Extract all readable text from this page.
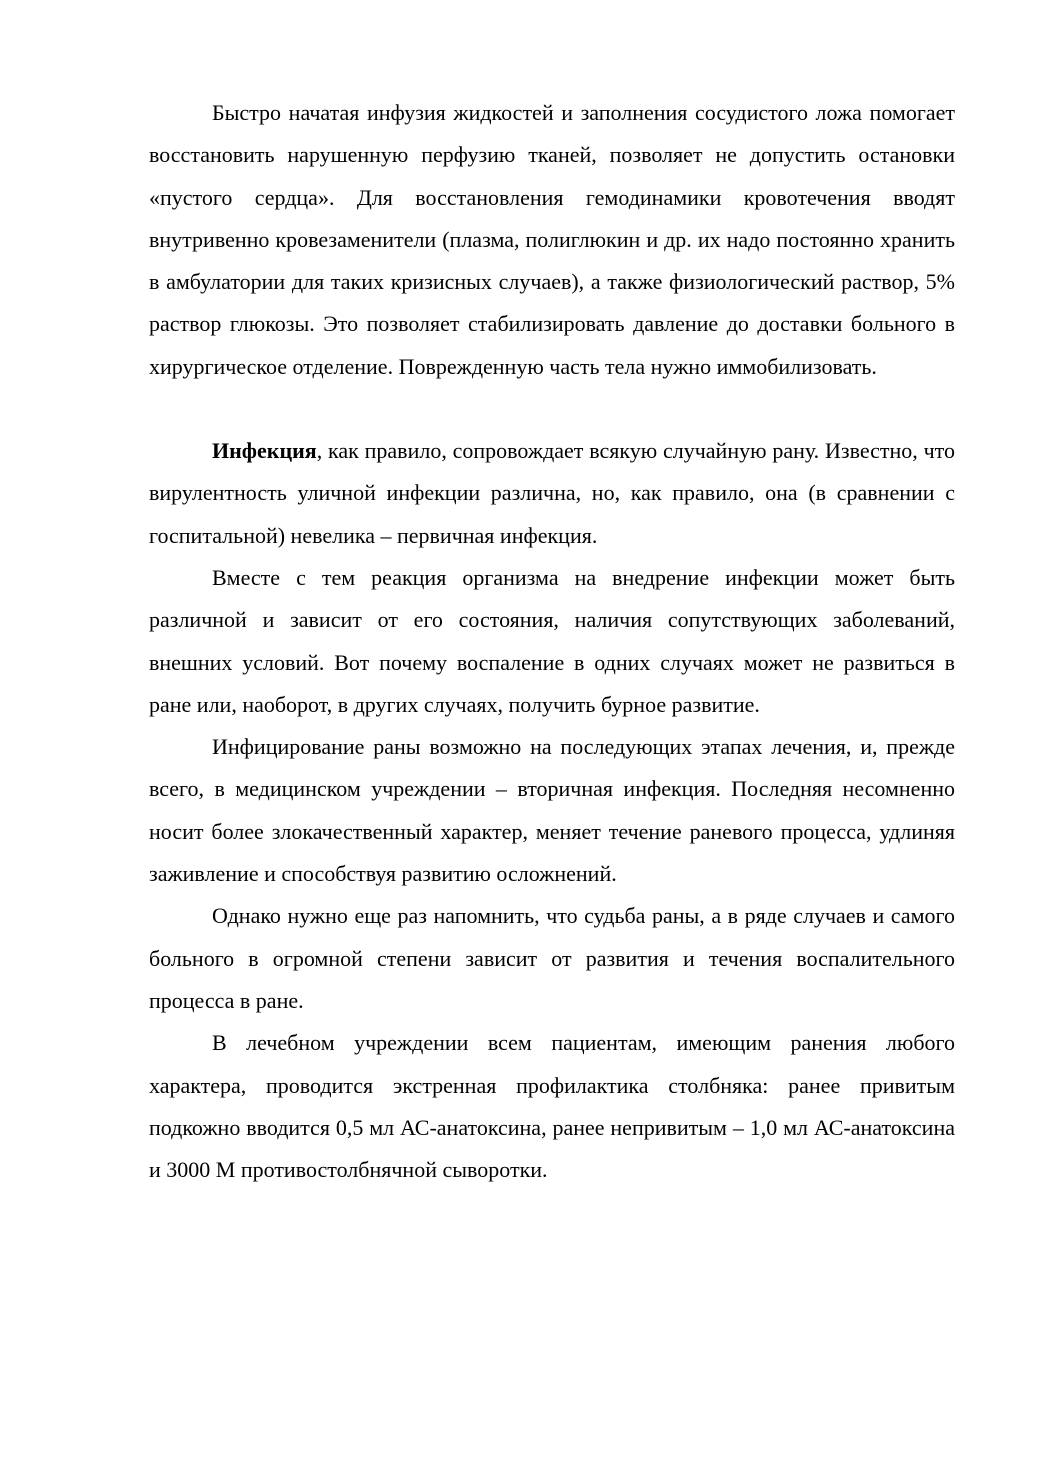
Быстро начатая инфузия жидкостей и заполнения сосудистого ложа помогает восстановить нарушенную перфузию тканей, позволяет не допустить остановки «пустого сердца». Для восстановления гемодинамики кровотечения вводят внутривенно кровезаменители (плазма, полиглюкин и др. их надо постоянно хранить в амбулатории для таких кризисных случаев), а также физиологический раствор, 5% раствор глюкозы. Это позволяет стабилизировать давление до доставки больного в хирургическое отделение. Поврежденную часть тела нужно иммобилизовать.

Инфекция, как правило, сопровождает всякую случайную рану. Известно, что вирулентность уличной инфекции различна, но, как правило, она (в сравнении с госпитальной) невелика – первичная инфекция.

Вместе с тем реакция организма на внедрение инфекции может быть различной и зависит от его состояния, наличия сопутствующих заболеваний, внешних условий. Вот почему воспаление в одних случаях может не развиться в ране или, наоборот, в других случаях, получить бурное развитие.

Инфицирование раны возможно на последующих этапах лечения, и, прежде всего, в медицинском учреждении – вторичная инфекция. Последняя несомненно носит более злокачественный характер, меняет течение раневого процесса, удлиняя заживление и способствуя развитию осложнений.

Однако нужно еще раз напомнить, что судьба раны, а в ряде случаев и самого больного в огромной степени зависит от развития и течения воспалительного процесса в ране.

В лечебном учреждении всем пациентам, имеющим ранения любого характера, проводится экстренная профилактика столбняка: ранее привитым подкожно вводится 0,5 мл АС-анатоксина, ранее непривитым – 1,0 мл АС-анатоксина и 3000 М противостолбнячной сыворотки.
